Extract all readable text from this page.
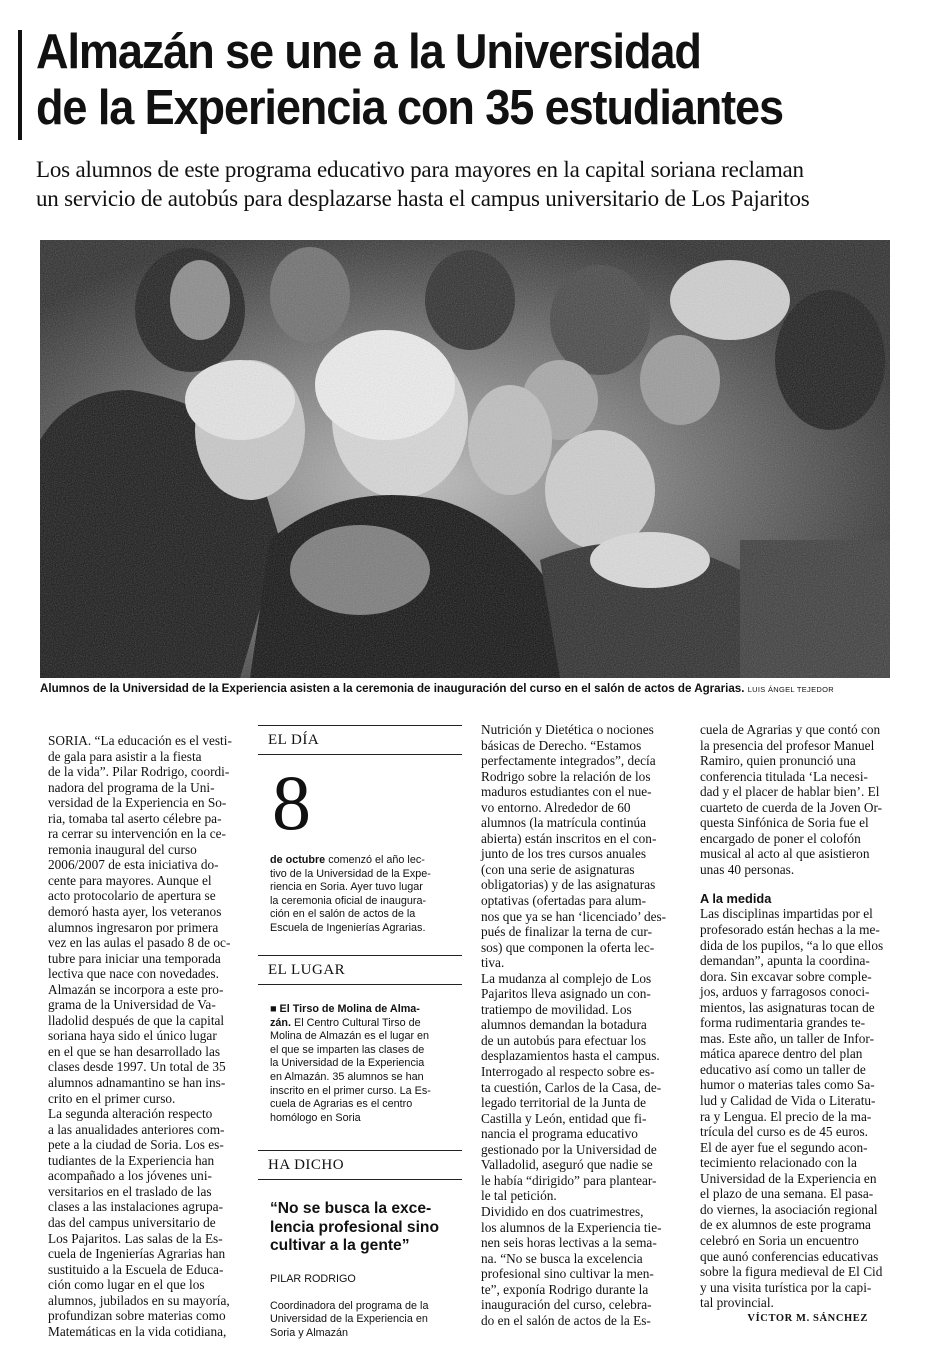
Almazán se une a la Universidad
de la Experiencia con 35 estudiantes
Los alumnos de este programa educativo para mayores en la capital soriana reclaman
un servicio de autobús para desplazarse hasta el campus universitario de Los Pajaritos
Alumnos de la Universidad de la Experiencia asisten a la ceremonia de inauguración del curso en el salón de actos de Agrarias. LUIS ÁNGEL TEJEDOR
SORIA. “La educación es el vesti-
de gala para asistir a la fiesta
de la vida”. Pilar Rodrigo, coordi-
nadora del programa de la Uni-
versidad de la Experiencia en So-
ria, tomaba tal aserto célebre pa-
ra cerrar su intervención en la ce-
remonia inaugural del curso
2006/2007 de esta iniciativa do-
cente para mayores. Aunque el
acto protocolario de apertura se
demoró hasta ayer, los veteranos
alumnos ingresaron por primera
vez en las aulas el pasado 8 de oc-
tubre para iniciar una temporada
lectiva que nace con novedades.
Almazán se incorpora a este pro-
grama de la Universidad de Va-
lladolid después de que la capital
soriana haya sido el único lugar
en el que se han desarrollado las
clases desde 1997. Un total de 35
alumnos adnamantino se han ins-
crito en el primer curso.
La segunda alteración respecto
a las anualidades anteriores com-
pete a la ciudad de Soria. Los es-
tudiantes de la Experiencia han
acompañado a los jóvenes uni-
versitarios en el traslado de las
clases a las instalaciones agrupa-
das del campus universitario de
Los Pajaritos. Las salas de la Es-
cuela de Ingenierías Agrarias han
sustituido a la Escuela de Educa-
ción como lugar en el que los
alumnos, jubilados en su mayoría,
profundizan sobre materias como
Matemáticas en la vida cotidiana,
EL DÍA
8
de octubre comenzó el año lec-
tivo de la Universidad de la Expe-
riencia en Soria. Ayer tuvo lugar
la ceremonia oficial de inaugura-
ción en el salón de actos de la
Escuela de Ingenierías Agrarias.
EL LUGAR
■ El Tirso de Molina de Alma-
zán. El Centro Cultural Tirso de
Molina de Almazán es el lugar en
el que se imparten las clases de
la Universidad de la Experiencia
en Almazán. 35 alumnos se han
inscrito en el primer curso. La Es-
cuela de Agrarias es el centro
homólogo en Soria
HA DICHO
“No se busca la exce-
lencia profesional sino
cultivar a la gente”

PILAR RODRIGO

Coordinadora del programa de la
Universidad de la Experiencia en
Soria y Almazán

Nutrición y Dietética o nociones
básicas de Derecho. “Estamos
perfectamente integrados”, decía
Rodrigo sobre la relación de los
maduros estudiantes con el nue-
vo entorno. Alrededor de 60
alumnos (la matrícula continúa
abierta) están inscritos en el con-
junto de los tres cursos anuales
(con una serie de asignaturas
obligatorias) y de las asignaturas
optativas (ofertadas para alum-
nos que ya se han ‘licenciado’ des-
pués de finalizar la terna de cur-
sos) que componen la oferta lec-
tiva.
La mudanza al complejo de Los
Pajaritos lleva asignado un con-
tratiempo de movilidad. Los
alumnos demandan la botadura
de un autobús para efectuar los
desplazamientos hasta el campus.
Interrogado al respecto sobre es-
ta cuestión, Carlos de la Casa, de-
legado territorial de la Junta de
Castilla y León, entidad que fi-
nancia el programa educativo
gestionado por la Universidad de
Valladolid, aseguró que nadie se
le había “dirigido” para plantear-
le tal petición.
Dividido en dos cuatrimestres,
los alumnos de la Experiencia tie-
nen seis horas lectivas a la sema-
na. “No se busca la excelencia
profesional sino cultivar la men-
te”, exponía Rodrigo durante la
inauguración del curso, celebra-
do en el salón de actos de la Es-
cuela de Agrarias y que contó con
la presencia del profesor Manuel
Ramiro, quien pronunció una
conferencia titulada ‘La necesi-
dad y el placer de hablar bien’. El
cuarteto de cuerda de la Joven Or-
questa Sinfónica de Soria fue el
encargado de poner el colofón
musical al acto al que asistieron
unas 40 personas.
A la medida
Las disciplinas impartidas por el
profesorado están hechas a la me-
dida de los pupilos, “a lo que ellos
demandan”, apunta la coordina-
dora. Sin excavar sobre comple-
jos, arduos y farragosos conoci-
mientos, las asignaturas tocan de
forma rudimentaria grandes te-
mas. Este año, un taller de Infor-
mática aparece dentro del plan
educativo así como un taller de
humor o materias tales como Sa-
lud y Calidad de Vida o Literatu-
ra y Lengua. El precio de la ma-
trícula del curso es de 45 euros.
El de ayer fue el segundo acon-
tecimiento relacionado con la
Universidad de la Experiencia en
el plazo de una semana. El pasa-
do viernes, la asociación regional
de ex alumnos de este programa
celebró en Soria un encuentro
que aunó conferencias educativas
sobre la figura medieval de El Cid
y una visita turística por la capi-
tal provincial.
VÍCTOR M. SÁNCHEZ
